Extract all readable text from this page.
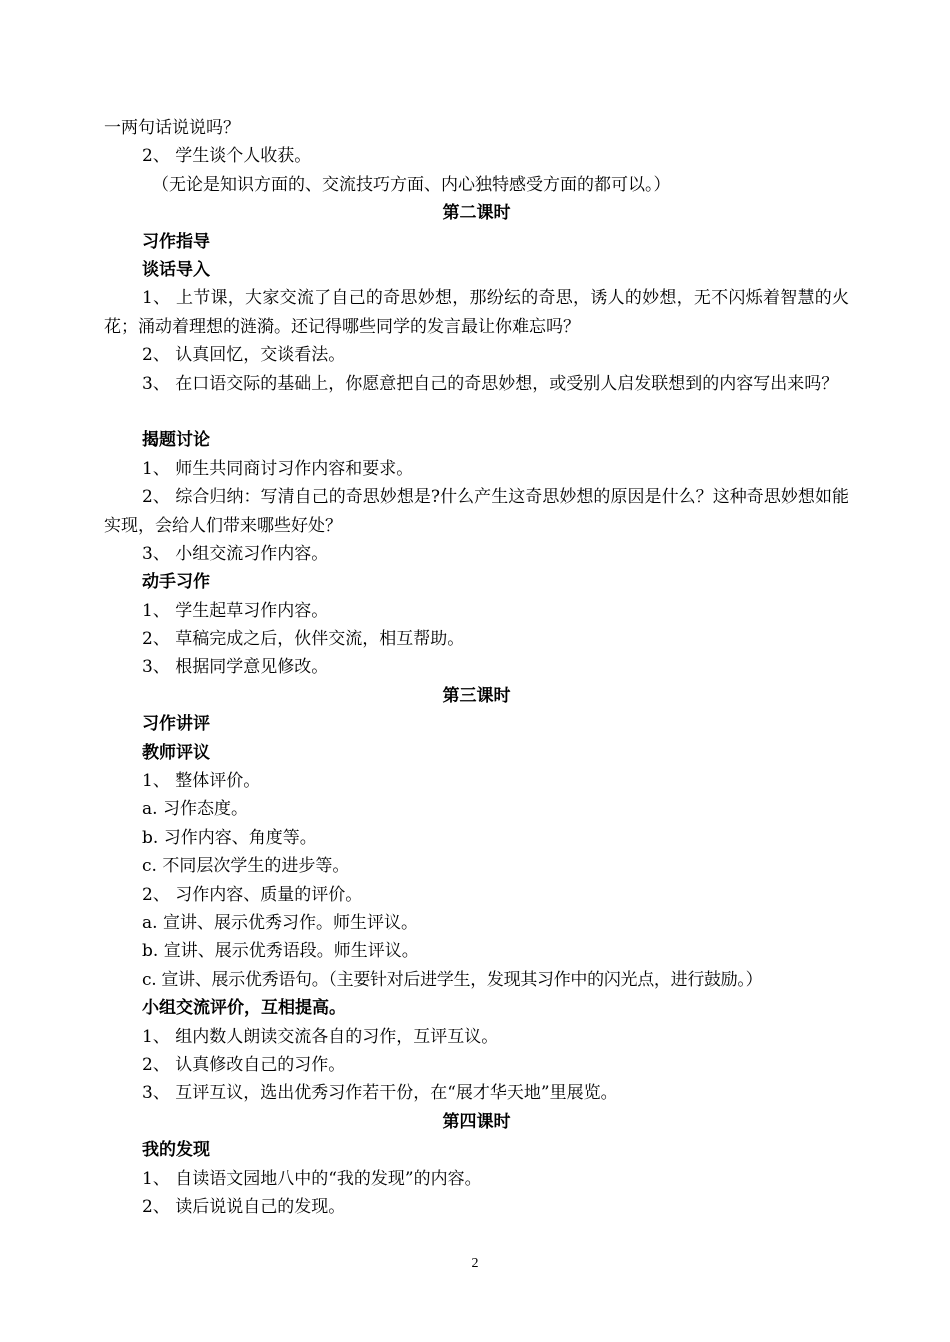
一两句话说说吗？
2、 学生谈个人收获。
（无论是知识方面的、交流技巧方面、内心独特感受方面的都可以。）
第二课时
习作指导
谈话导入
1、 上节课，大家交流了自己的奇思妙想，那纷纭的奇思，诱人的妙想，无不闪烁着智慧的火花；涌动着理想的涟漪。还记得哪些同学的发言最让你难忘吗？
2、 认真回忆，交谈看法。
3、 在口语交际的基础上，你愿意把自己的奇思妙想，或受别人启发联想到的内容写出来吗？
揭题讨论
1、 师生共同商讨习作内容和要求。
2、 综合归纳：写清自己的奇思妙想是?什么产生这奇思妙想的原因是什么？这种奇思妙想如能实现，会给人们带来哪些好处？
3、 小组交流习作内容。
动手习作
1、 学生起草习作内容。
2、 草稿完成之后，伙伴交流，相互帮助。
3、 根据同学意见修改。
第三课时
习作讲评
教师评议
1、 整体评价。
a. 习作态度。
b. 习作内容、角度等。
c. 不同层次学生的进步等。
2、 习作内容、质量的评价。
a. 宣讲、展示优秀习作。师生评议。
b. 宣讲、展示优秀语段。师生评议。
c. 宣讲、展示优秀语句。（主要针对后进学生，发现其习作中的闪光点，进行鼓励。）
小组交流评价，互相提高。
1、 组内数人朗读交流各自的习作，互评互议。
2、 认真修改自己的习作。
3、 互评互议，选出优秀习作若干份，在“展才华天地”里展览。
第四课时
我的发现
1、 自读语文园地八中的“我的发现”的内容。
2、 读后说说自己的发现。
2
